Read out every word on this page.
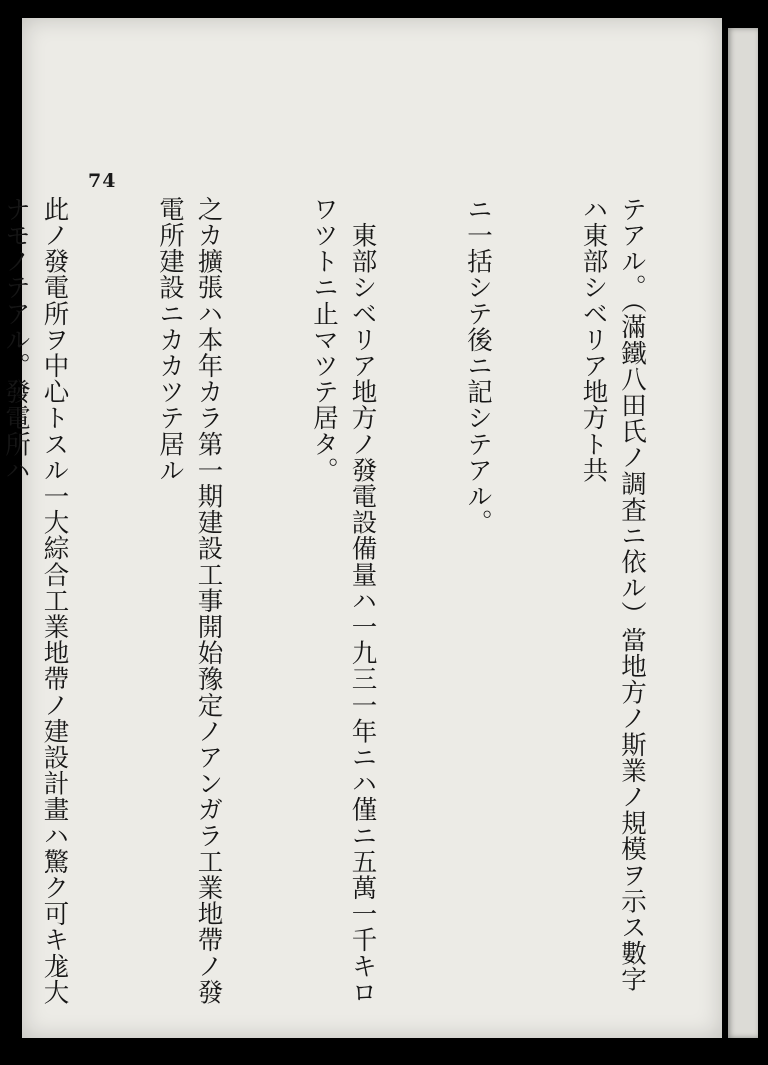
74

テアル。（滿鐵八田氏ノ調査ニ依ル）當地方ノ斯業ノ規模ヲ示ス數字ハ東部シベリア地方ト共

ニ一括シテ後ニ記シテアル。

　東部シベリア地方ノ發電設備量ハ一九三一年ニハ僅ニ五萬一千キロワツトニ止マツテ居タ。

之カ擴張ハ本年カラ第一期建設工事開始豫定ノアンガラ工業地帶ノ發電所建設ニカカツテ居ル

此ノ發電所ヲ中心トスル一大綜合工業地帶ノ建設計畫ハ驚ク可キ尨大ナモノテアル。發電所ハ
